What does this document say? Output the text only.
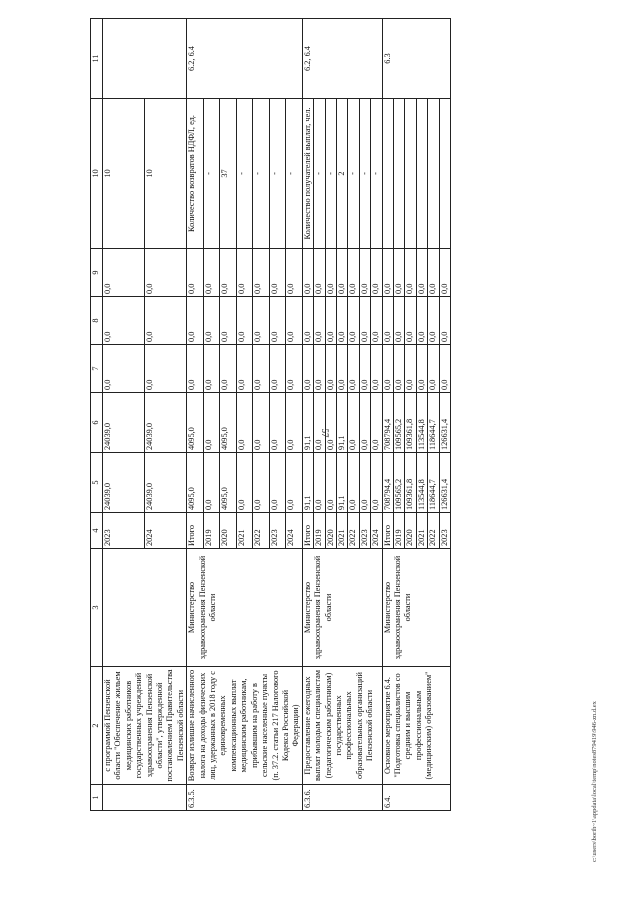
57
1	2	3	4	5	6	7	8	9	10	11
	с программой Пензенской области "Обеспечение жильем медицинских работников государственных учреждений здравоохранения Пензенской области", утвержденной постановлением Правительства Пензенской области		2023	24039,0	24039,0	0,0	0,0	0,0	10	
			2024	24039,0	24039,0	0,0	0,0	0,0	10	
6.3.5.	Возврат излишне начисленного налога на доходы физических лиц, удержанных в 2018 году с единовременных компенсационных выплат медицинским работникам, прибывшим на работу в сельские населенные пункты (п. 37.2. статьи 217 Налогового Кодекса Российской Федерации)	Министерство здравоохранения Пензенской области	Итого	4095,0	4095,0	0,0	0,0	0,0	Количество возвратов НДФЛ, ед.	6.2, 6.4
			2019	0,0	0,0	0,0	0,0	0,0	-	
			2020	4095,0	4095,0	0,0	0,0	0,0	37	
			2021	0,0	0,0	0,0	0,0	0,0	-	
			2022	0,0	0,0	0,0	0,0	0,0	-	
			2023	0,0	0,0	0,0	0,0	0,0	-	
			2024	0,0	0,0	0,0	0,0	0,0	-	
6.3.6.	Предоставление ежегодных выплат молодым специалистам (педагогическим работникам) государственных профессиональных образовательных организаций Пензенской области	Министерство здравоохранения Пензенской области	Итого	91,1	91,1	0,0	0,0	0,0	Количество получателей выплат, чел.	6.2, 6.4
			2019	0,0	0,0	0,0	0,0	0,0	-	
			2020	0,0	0,0	0,0	0,0	0,0	-	
			2021	91,1	91,1	0,0	0,0	0,0	2	
			2022	0,0	0,0	0,0	0,0	0,0	-	
			2023	0,0	0,0	0,0	0,0	0,0	-	
			2024	0,0	0,0	0,0	0,0	0,0	-	
6.4.	Основное мероприятие 6.4. "Подготовка специалистов со средним и высшим профессиональным (медицинским) образованием"	Министерство здравоохранения Пензенской области	Итого	708794,4	708794,4	0,0	0,0	0,0		6.3
			2019	109565,2	109565,2	0,0	0,0	0,0		
			2020	109361,8	109361,8	0,0	0,0	0,0		
			2021	113544,8	113544,8	0,0	0,0	0,0		
			2022	118644,7	118644,7	0,0	0,0	0,0		
			2023	126631,4	126631,4	0,0	0,0	0,0		
c:\users\borih~1\appdata\local\temp\notes879419\946-zn.d.ex
